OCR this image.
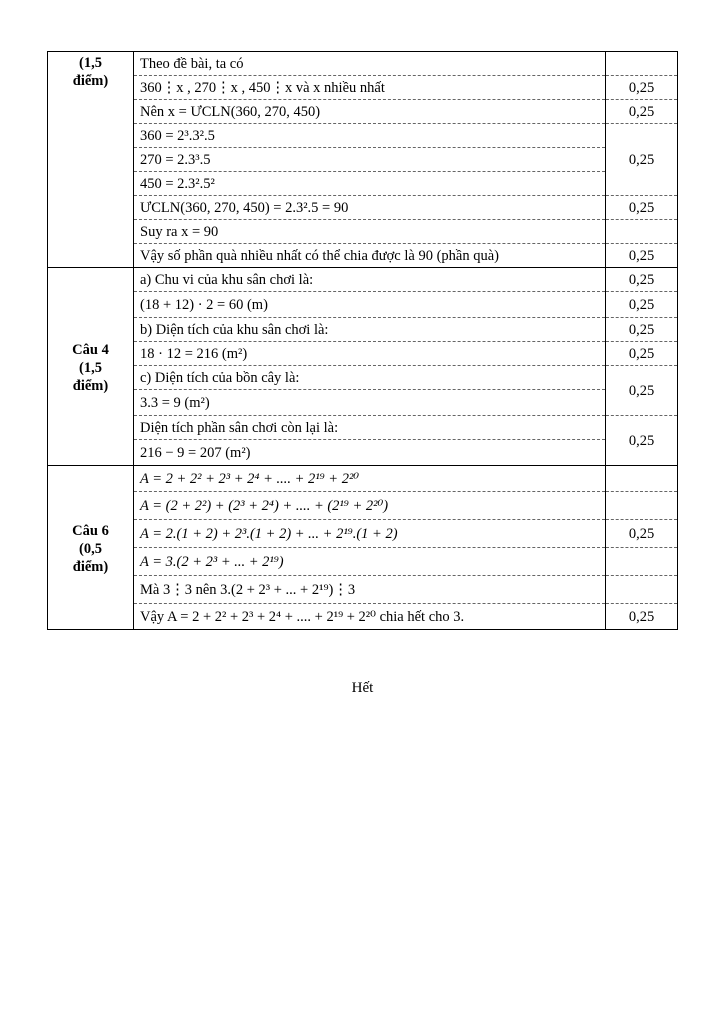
(1,5
điểm)	Theo đề bài, ta có	
	360⋮x , 270⋮x , 450⋮x và x nhiều nhất	0,25
	Nên x = ƯCLN(360, 270, 450)	0,25
	360 = 2³.3².5	0,25
	270 = 2.3³.5	
	450 = 2.3².5²	
	ƯCLN(360, 270, 450) = 2.3².5 = 90	0,25
	Suy ra x = 90	
	Vậy số phần quà nhiều nhất có thể chia được là 90 (phần quà)	0,25
Câu 4
(1,5
điểm)	a) Chu vi của khu sân chơi là:	0,25
	(18 + 12) · 2 = 60 (m)	0,25
	b) Diện tích của khu sân chơi là:	0,25
	18 · 12 = 216 (m²)	0,25
	c) Diện tích của bồn cây là:	0,25
	3.3 = 9 (m²)	
	Diện tích phần sân chơi còn lại là:	0,25
	216 − 9 = 207 (m²)	
Câu 6
(0,5
điểm)	A = 2 + 2² + 2³ + 2⁴ + .... + 2¹⁹ + 2²⁰	
	A = (2 + 2²) + (2³ + 2⁴) + .... + (2¹⁹ + 2²⁰)	
	A = 2.(1 + 2) + 2³.(1 + 2) + ... + 2¹⁹.(1 + 2)	0,25
	A = 3.(2 + 2³ + ... + 2¹⁹)	
	Mà 3⋮3 nên 3.(2 + 2³ + ... + 2¹⁹)⋮3	
	Vậy A = 2 + 2² + 2³ + 2⁴ + .... + 2¹⁹ + 2²⁰ chia hết cho 3.	0,25
Hết
